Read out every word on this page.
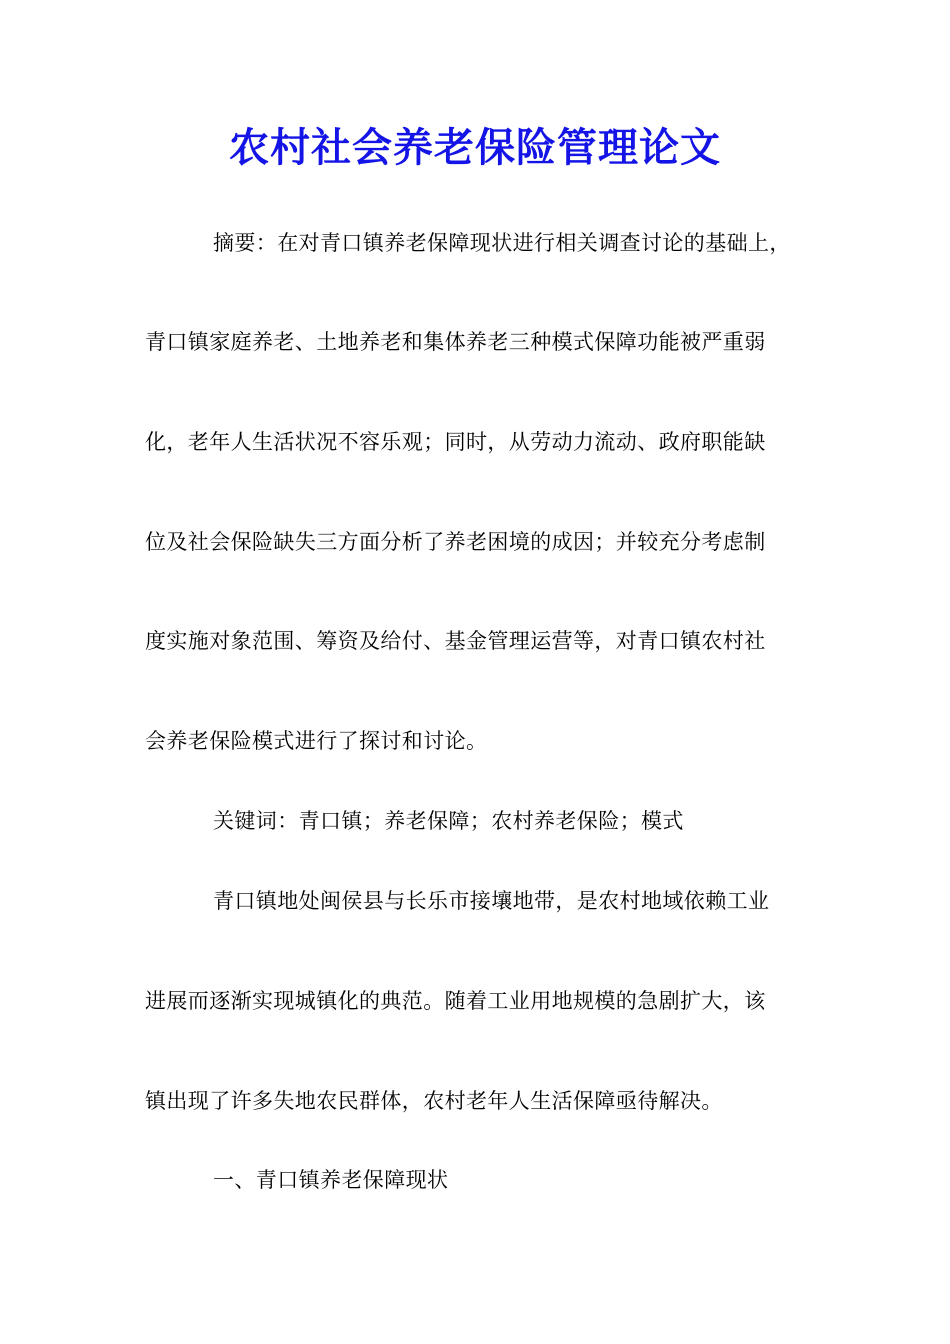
农村社会养老保险管理论文
摘要：在对青口镇养老保障现状进行相关调查讨论的基础上，
青口镇家庭养老、土地养老和集体养老三种模式保障功能被严重弱
化，老年人生活状况不容乐观；同时，从劳动力流动、政府职能缺
位及社会保险缺失三方面分析了养老困境的成因；并较充分考虑制
度实施对象范围、筹资及给付、基金管理运营等，对青口镇农村社
会养老保险模式进行了探讨和讨论。
关键词：青口镇；养老保障；农村养老保险；模式
青口镇地处闽侯县与长乐市接壤地带，是农村地域依赖工业
进展而逐渐实现城镇化的典范。随着工业用地规模的急剧扩大，该
镇出现了许多失地农民群体，农村老年人生活保障亟待解决。
一、青口镇养老保障现状
